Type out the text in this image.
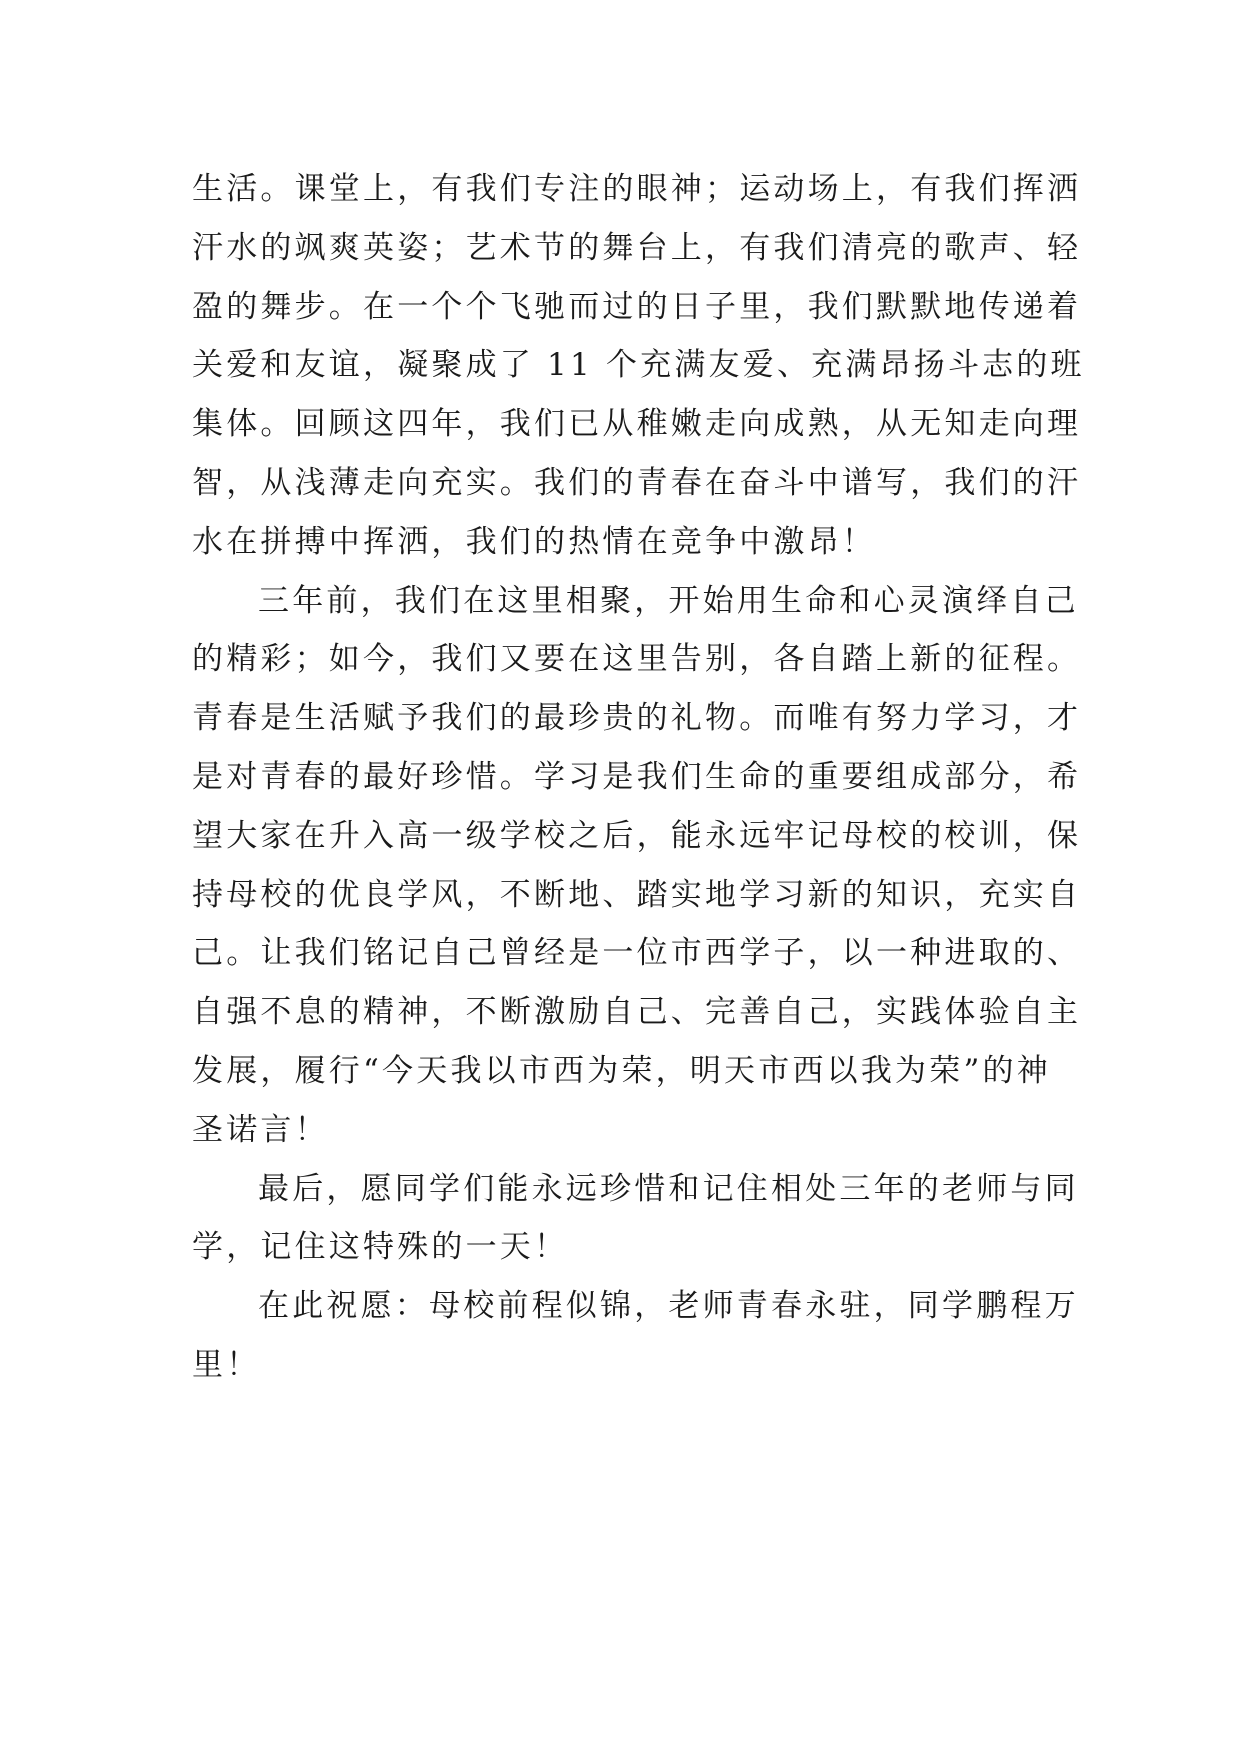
生活。课堂上，有我们专注的眼神；运动场上，有我们挥洒
汗水的飒爽英姿；艺术节的舞台上，有我们清亮的歌声、轻
盈的舞步。在一个个飞驰而过的日子里，我们默默地传递着
关爱和友谊，凝聚成了 11 个充满友爱、充满昂扬斗志的班
集体。回顾这四年，我们已从稚嫩走向成熟，从无知走向理
智，从浅薄走向充实。我们的青春在奋斗中谱写，我们的汗
水在拼搏中挥洒，我们的热情在竞争中激昂！
三年前，我们在这里相聚，开始用生命和心灵演绎自己
的精彩；如今，我们又要在这里告别，各自踏上新的征程。
青春是生活赋予我们的最珍贵的礼物。而唯有努力学习，才
是对青春的最好珍惜。学习是我们生命的重要组成部分，希
望大家在升入高一级学校之后，能永远牢记母校的校训，保
持母校的优良学风，不断地、踏实地学习新的知识，充实自
己。让我们铭记自己曾经是一位市西学子，以一种进取的、
自强不息的精神，不断激励自己、完善自己，实践体验自主
发展，履行“今天我以市西为荣，明天市西以我为荣”的神
圣诺言！
最后，愿同学们能永远珍惜和记住相处三年的老师与同
学，记住这特殊的一天！
在此祝愿：母校前程似锦，老师青春永驻，同学鹏程万
里！
